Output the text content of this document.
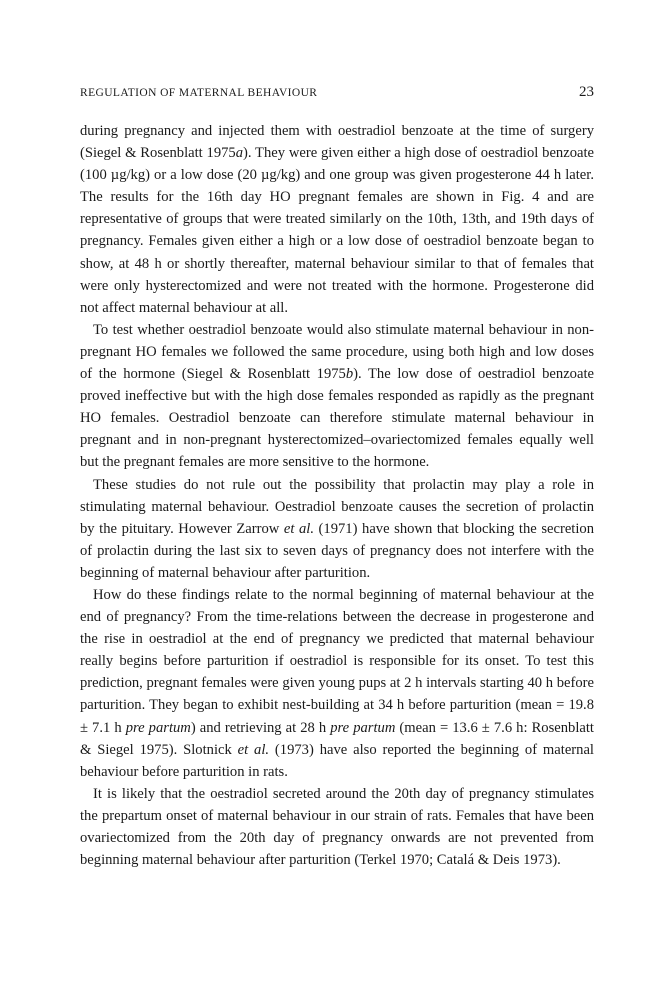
REGULATION OF MATERNAL BEHAVIOUR	23

during pregnancy and injected them with oestradiol benzoate at the time of surgery (Siegel & Rosenblatt 1975a). They were given either a high dose of oestradiol benzoate (100 µg/kg) or a low dose (20 µg/kg) and one group was given progesterone 44 h later. The results for the 16th day HO pregnant females are shown in Fig. 4 and are representative of groups that were treated similarly on the 10th, 13th, and 19th days of pregnancy. Females given either a high or a low dose of oestradiol benzoate began to show, at 48 h or shortly thereafter, maternal behaviour similar to that of females that were only hysterectomized and were not treated with the hormone. Progesterone did not affect maternal behaviour at all.

To test whether oestradiol benzoate would also stimulate maternal behaviour in non-pregnant HO females we followed the same procedure, using both high and low doses of the hormone (Siegel & Rosenblatt 1975b). The low dose of oestradiol benzoate proved ineffective but with the high dose females responded as rapidly as the pregnant HO females. Oestradiol benzoate can therefore stimulate maternal behaviour in pregnant and in non-pregnant hysterectomized–ovariectomized females equally well but the pregnant females are more sensitive to the hormone.

These studies do not rule out the possibility that prolactin may play a role in stimulating maternal behaviour. Oestradiol benzoate causes the secretion of prolactin by the pituitary. However Zarrow et al. (1971) have shown that blocking the secretion of prolactin during the last six to seven days of pregnancy does not interfere with the beginning of maternal behaviour after parturition.

How do these findings relate to the normal beginning of maternal behaviour at the end of pregnancy? From the time-relations between the decrease in progesterone and the rise in oestradiol at the end of pregnancy we predicted that maternal behaviour really begins before parturition if oestradiol is responsible for its onset. To test this prediction, pregnant females were given young pups at 2 h intervals starting 40 h before parturition. They began to exhibit nest-building at 34 h before parturition (mean = 19.8 ± 7.1 h pre partum) and retrieving at 28 h pre partum (mean = 13.6 ± 7.6 h: Rosenblatt & Siegel 1975). Slotnick et al. (1973) have also reported the beginning of maternal behaviour before parturition in rats.

It is likely that the oestradiol secreted around the 20th day of pregnancy stimulates the prepartum onset of maternal behaviour in our strain of rats. Females that have been ovariectomized from the 20th day of pregnancy onwards are not prevented from beginning maternal behaviour after parturition (Terkel 1970; Catalá & Deis 1973).
